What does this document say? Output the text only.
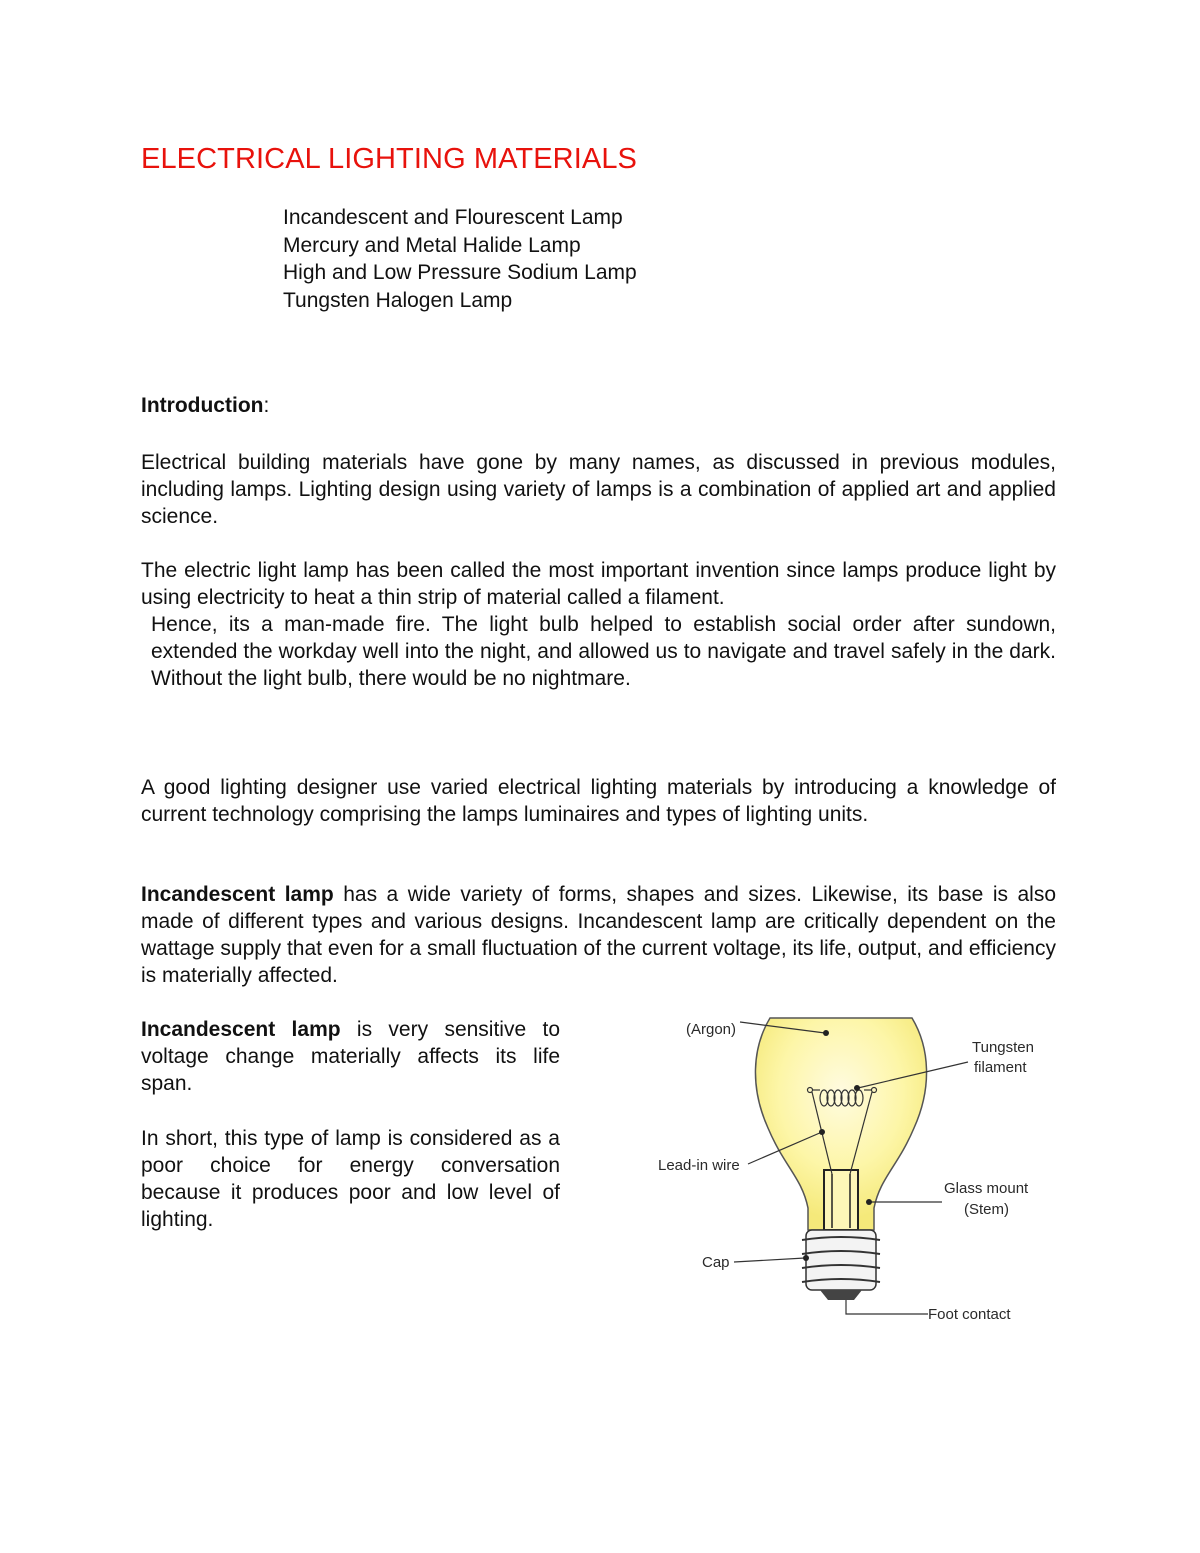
ELECTRICAL LIGHTING MATERIALS
Incandescent and Flourescent Lamp
Mercury and Metal Halide Lamp
High and Low Pressure Sodium Lamp
Tungsten Halogen Lamp

Introduction:

Electrical building materials have gone by many names, as discussed in previous modules, including lamps. Lighting design using variety of lamps is a combination of applied art and applied science.

The electric light lamp has been called the most important invention since lamps produce light by using electricity to heat a thin strip of material called a filament.

Hence, its a man-made fire. The light bulb helped to establish social order after sundown, extended the workday well into the night, and allowed us to navigate and travel safely in the dark. Without the light bulb, there would be no nightmare.

A good lighting designer use varied electrical lighting materials by introducing a knowledge of current technology comprising the lamps luminaires and types of lighting units.

Incandescent lamp has a wide variety of forms, shapes and sizes. Likewise, its base is also made of different types and various designs. Incandescent lamp are critically dependent on the wattage supply that even for a small fluctuation of the current voltage, its life, output, and efficiency is materially affected.

Incandescent lamp is very sensitive to voltage change materially affects its life span.

In short, this type of lamp is considered as a poor choice for energy conversation because it produces poor and low level of lighting.

(Argon)
Tungsten
filament
Lead-in wire
Glass mount
(Stem)
Cap
Foot contact
